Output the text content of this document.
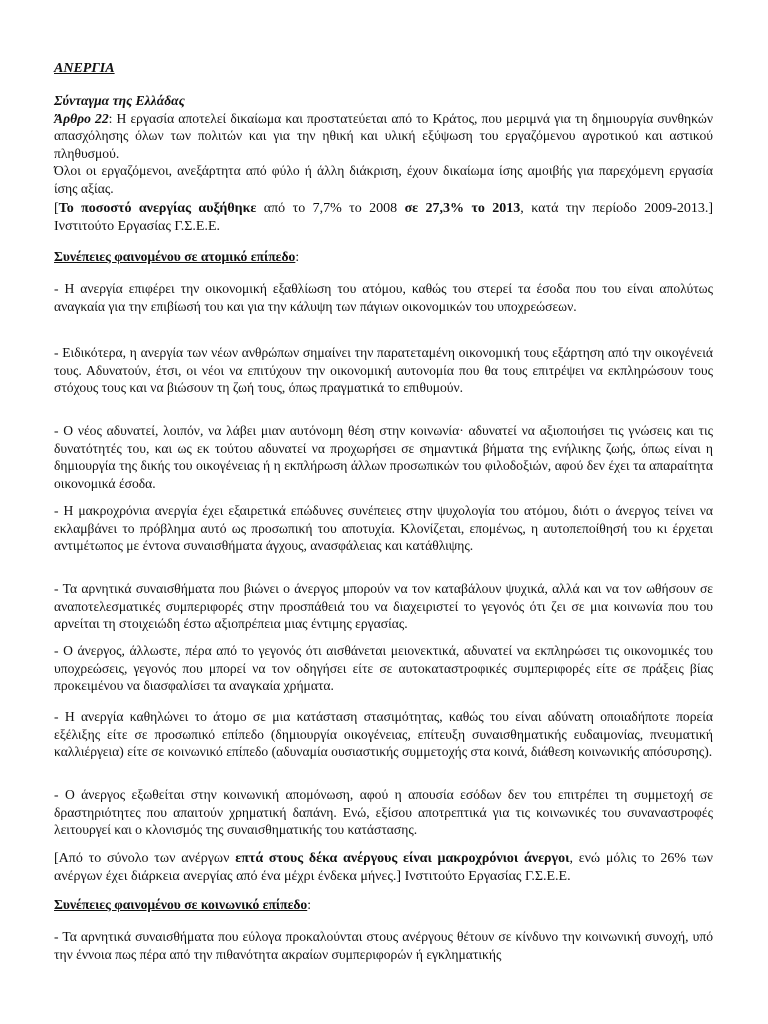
ΑΝΕΡΓΙΑ

Σύνταγμα της Ελλάδας

Άρθρο 22: Η εργασία αποτελεί δικαίωμα και προστατεύεται από το Κράτος, που μεριμνά για τη δημιουργία συνθηκών απασχόλησης όλων των πολιτών και για την ηθική και υλική εξύψωση του εργαζόμενου αγροτικού και αστικού πληθυσμού.

Όλοι οι εργαζόμενοι, ανεξάρτητα από φύλο ή άλλη διάκριση, έχουν δικαίωμα ίσης αμοιβής για παρεχόμενη εργασία ίσης αξίας.

[Το ποσοστό ανεργίας αυξήθηκε από το 7,7% το 2008 σε 27,3% το 2013, κατά την περίοδο 2009-2013.] Ινστιτούτο Εργασίας Γ.Σ.Ε.Ε.

Συνέπειες φαινομένου σε ατομικό επίπεδο:

- Η ανεργία επιφέρει την οικονομική εξαθλίωση του ατόμου, καθώς του στερεί τα έσοδα που του είναι απολύτως αναγκαία για την επιβίωσή του και για την κάλυψη των πάγιων οικονομικών του υποχρεώσεων.

- Ειδικότερα, η ανεργία των νέων ανθρώπων σημαίνει την παρατεταμένη οικονομική τους εξάρτηση από την οικογένειά τους. Αδυνατούν, έτσι, οι νέοι να επιτύχουν την οικονομική αυτονομία που θα τους επιτρέψει να εκπληρώσουν τους στόχους τους και να βιώσουν τη ζωή τους, όπως πραγματικά το επιθυμούν.

- Ο νέος αδυνατεί, λοιπόν, να λάβει μιαν αυτόνομη θέση στην κοινωνία· αδυνατεί να αξιοποιήσει τις γνώσεις και τις δυνατότητές του, και ως εκ τούτου αδυνατεί να προχωρήσει σε σημαντικά βήματα της ενήλικης ζωής, όπως είναι η δημιουργία της δικής του οικογένειας ή η εκπλήρωση άλλων προσωπικών του φιλοδοξιών, αφού δεν έχει τα απαραίτητα οικονομικά έσοδα.

- Η μακροχρόνια ανεργία έχει εξαιρετικά επώδυνες συνέπειες στην ψυχολογία του ατόμου, διότι ο άνεργος τείνει να εκλαμβάνει το πρόβλημα αυτό ως προσωπική του αποτυχία. Κλονίζεται, επομένως, η αυτοπεποίθησή του κι έρχεται αντιμέτωπος με έντονα συναισθήματα άγχους, ανασφάλειας και κατάθλιψης.

- Τα αρνητικά συναισθήματα που βιώνει ο άνεργος μπορούν να τον καταβάλουν ψυχικά, αλλά και να τον ωθήσουν σε αναποτελεσματικές συμπεριφορές στην προσπάθειά του να διαχειριστεί το γεγονός ότι ζει σε μια κοινωνία που του αρνείται τη στοιχειώδη έστω αξιοπρέπεια μιας έντιμης εργασίας.

- Ο άνεργος, άλλωστε, πέρα από το γεγονός ότι αισθάνεται μειονεκτικά, αδυνατεί να εκπληρώσει τις οικονομικές του υποχρεώσεις, γεγονός που μπορεί να τον οδηγήσει είτε σε αυτοκαταστροφικές συμπεριφορές είτε σε πράξεις βίας προκειμένου να διασφαλίσει τα αναγκαία χρήματα.

- Η ανεργία καθηλώνει το άτομο σε μια κατάσταση στασιμότητας, καθώς του είναι αδύνατη οποιαδήποτε πορεία εξέλιξης είτε σε προσωπικό επίπεδο (δημιουργία οικογένειας, επίτευξη συναισθηματικής ευδαιμονίας, πνευματική καλλιέργεια) είτε σε κοινωνικό επίπεδο (αδυναμία ουσιαστικής συμμετοχής στα κοινά, διάθεση κοινωνικής απόσυρσης).

- Ο άνεργος εξωθείται στην κοινωνική απομόνωση, αφού η απουσία εσόδων δεν του επιτρέπει τη συμμετοχή σε δραστηριότητες που απαιτούν χρηματική δαπάνη. Ενώ, εξίσου αποτρεπτικά για τις κοινωνικές του συναναστροφές λειτουργεί και ο κλονισμός της συναισθηματικής του κατάστασης.

[Από το σύνολο των ανέργων επτά στους δέκα ανέργους είναι μακροχρόνιοι άνεργοι, ενώ μόλις το 26% των ανέργων έχει διάρκεια ανεργίας από ένα μέχρι ένδεκα μήνες.] Ινστιτούτο Εργασίας Γ.Σ.Ε.Ε.

Συνέπειες φαινομένου σε κοινωνικό επίπεδο:

- Τα αρνητικά συναισθήματα που εύλογα προκαλούνται στους ανέργους θέτουν σε κίνδυνο την κοινωνική συνοχή, υπό την έννοια πως πέρα από την πιθανότητα ακραίων συμπεριφορών ή εγκληματικής
